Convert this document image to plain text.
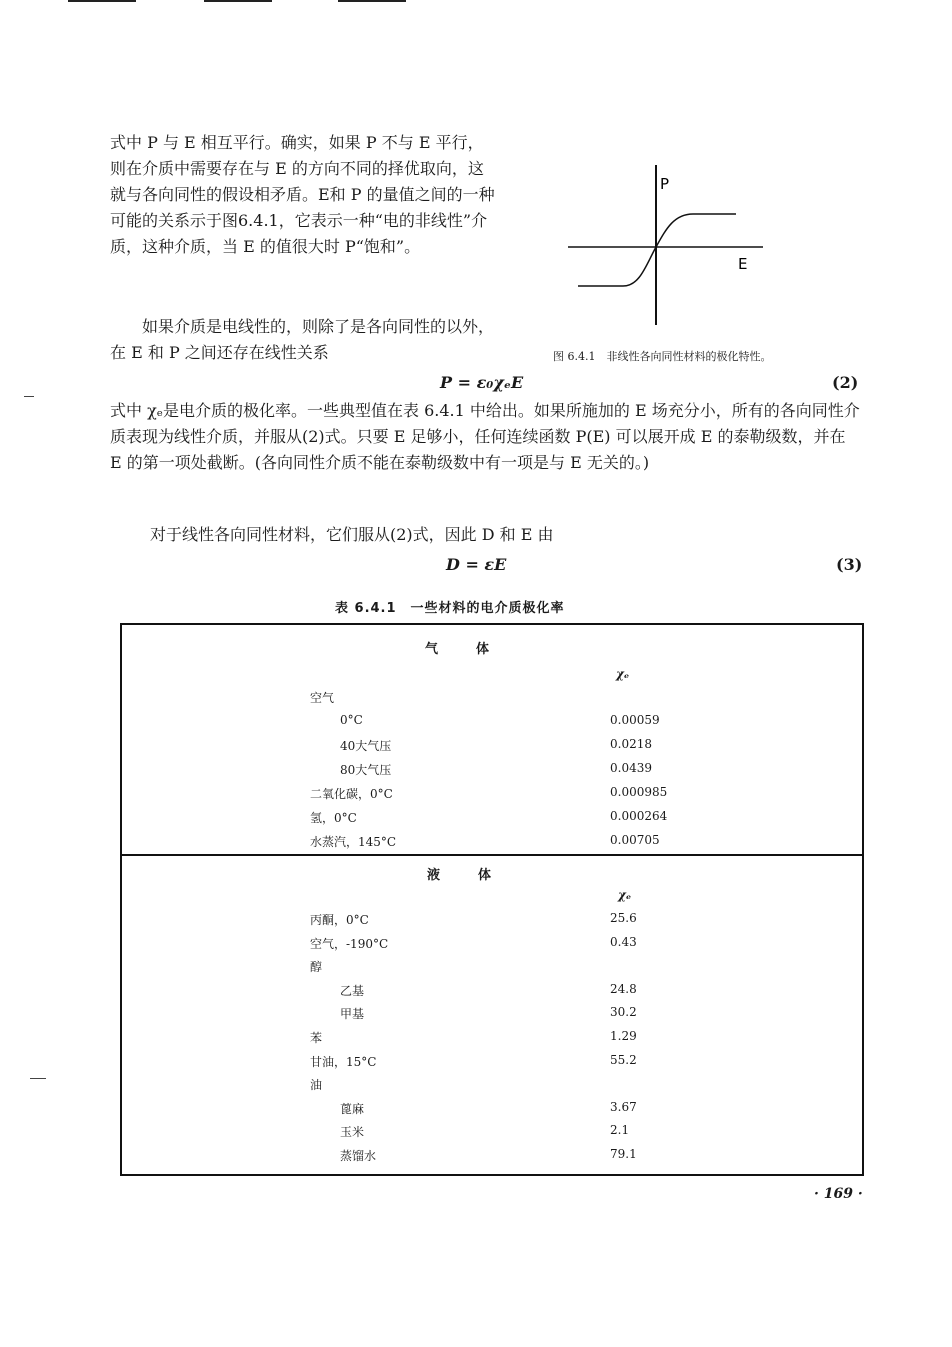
式中 P 与 E 相互平行。确实，如果 P 不与 E 平行，则在介质中需要存在与 E 的方向不同的择优取向，这就与各向同性的假设相矛盾。E和 P 的量值之间的一种可能的关系示于图6.4.1，它表示一种“电的非线性”介质，这种介质，当 E 的值很大时 P“饱和”。

如果介质是电线性的，则除了是各向同性的以外，在 E 和 P 之间还存在线性关系

P
E
图 6.4.1　非线性各向同性材料的极化特性。
P = ε₀χₑE	(2)

式中 χₑ是电介质的极化率。一些典型值在表 6.4.1 中给出。如果所施加的 E 场充分小，所有的各向同性介质表现为线性介质，并服从(2)式。只要 E 足够小，任何连续函数 P(E) 可以展开成 E 的泰勒级数，并在 E 的第一项处截断。(各向同性介质不能在泰勒级数中有一项是与 E 无关的。)

对于线性各向同性材料，它们服从(2)式，因此 D 和 E 由

D = εE	(3)
表 6.4.1　一些材料的电介质极化率
气　　体
χₑ
空气
0°C	0.00059
40大气压	0.0218
80大气压	0.0439
二氧化碳，0°C	0.000985
氢，0°C	0.000264
水蒸汽，145°C	0.00705
液　　体
χₑ
丙酮，0°C	25.6
空气，-190°C	0.43
醇
乙基	24.8
甲基	30.2
苯	1.29
甘油，15°C	55.2
油
蓖麻	3.67
玉米	2.1
蒸馏水	79.1
· 169 ·
